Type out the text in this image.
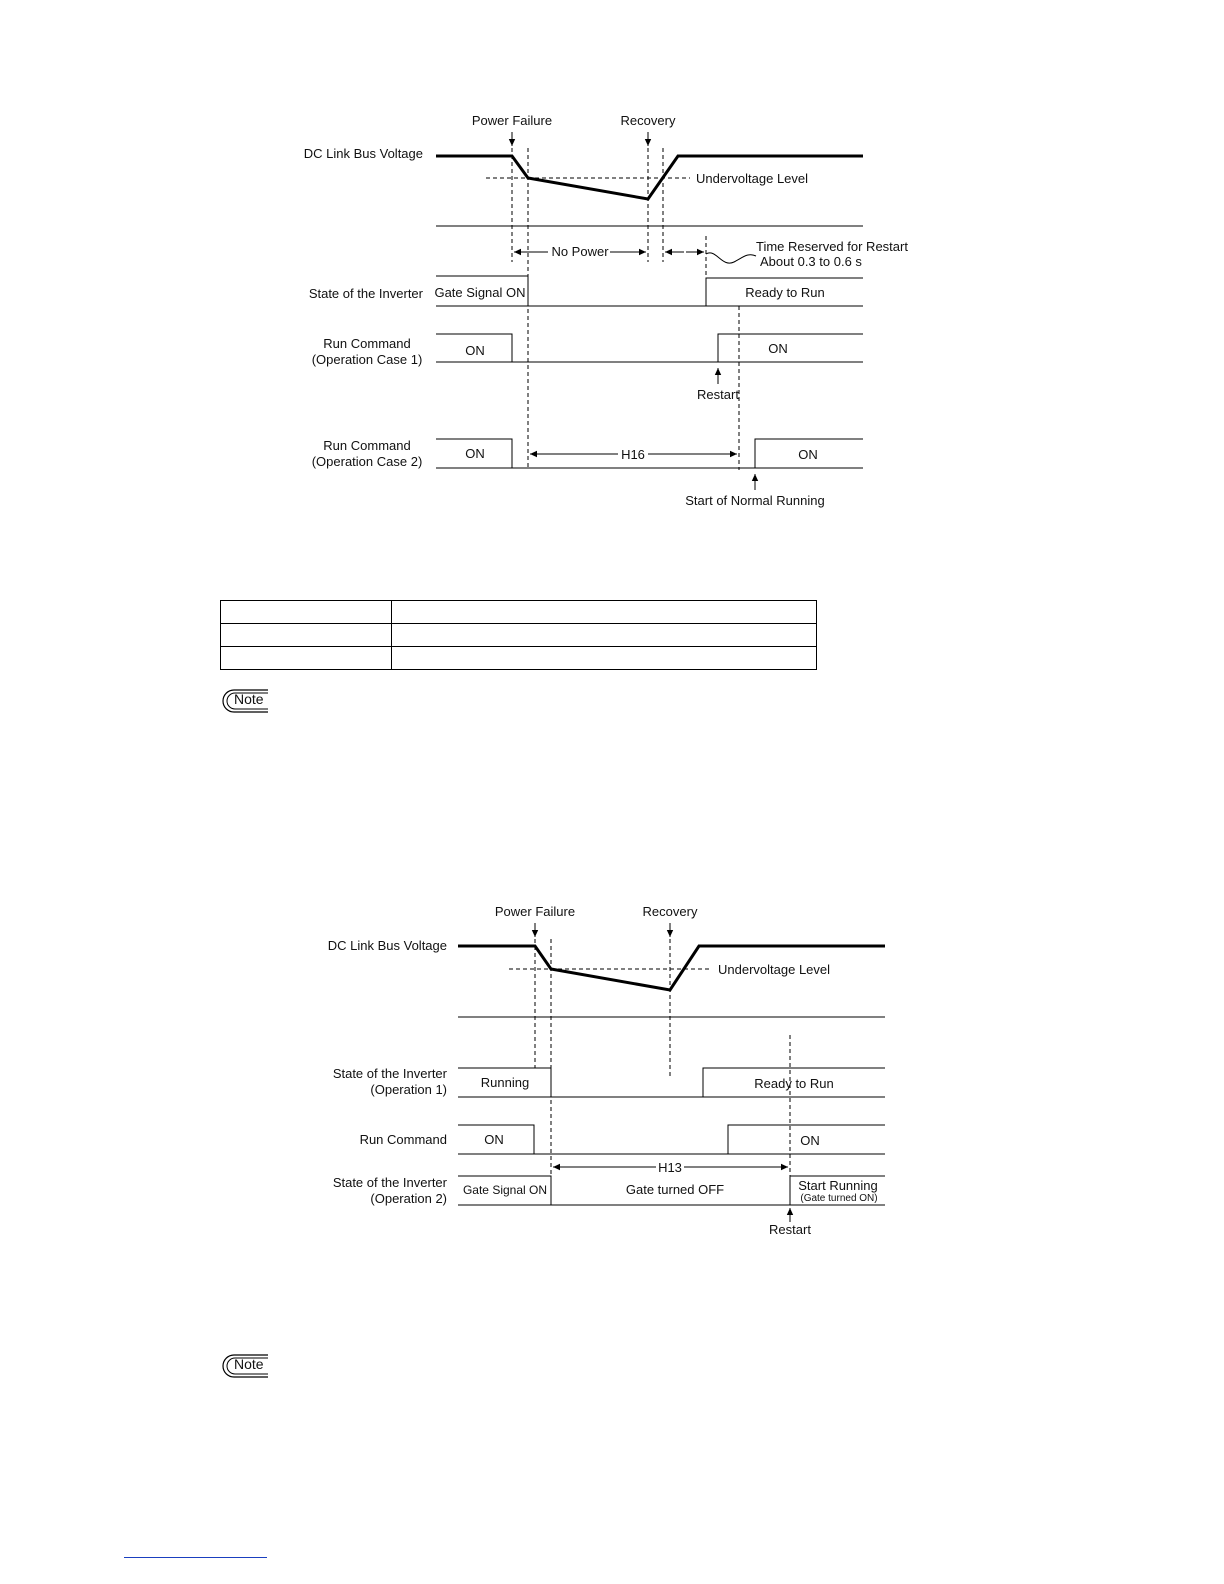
Power Failure	Recovery
DC Link Bus Voltage
Undervoltage Level
No Power	Time Reserved for Restart
About 0.3 to 0.6 s
State of the Inverter Gate Signal ON	Ready to Run
Run Command
(Operation Case 1)
ON	ON
Restart
Run Command
(Operation Case 2)
ON	ON
H16
Start of Normal Running
Power Failure	Recovery
DC Link Bus Voltage
Undervoltage Level
State of the Inverter
(Operation 1)	Running	Ready to Run
Run Command	ON	ON
H13
State of the Inverter
(Operation 2)
Gate Signal ON	Gate turned OFF	Start Running
(Gate turned ON)
Restart

Note
Note
